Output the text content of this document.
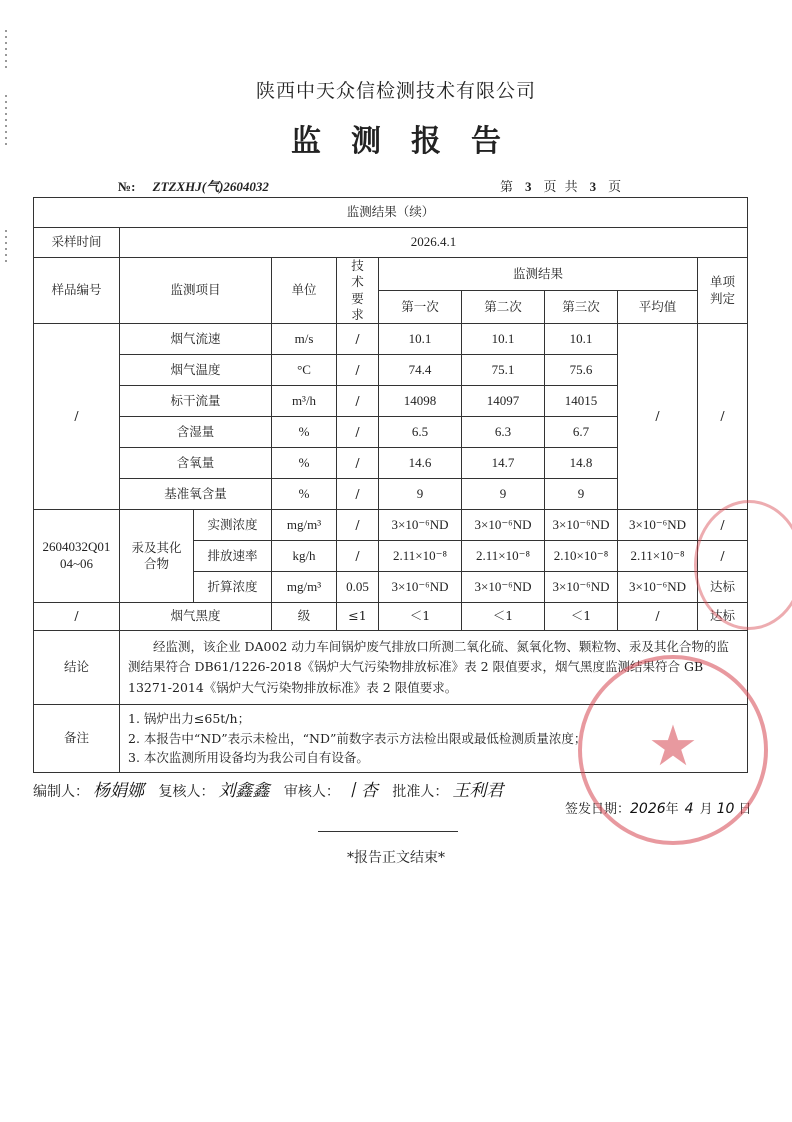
陕西中天众信检测技术有限公司
监测报告
№: ZTZXHJ(气)2604032	第 3 页 共 3 页
监测结果（续）									
采样时间	2026.4.1								
样品编号	监测项目		单位	技术要求	监测结果				单项判定

					第一次	第二次	第三次	平均值	
/	烟气流速		m/s	/	10.1	10.1	10.1	/	/
	烟气温度		°C	/	74.4	75.1	75.6		
	标干流量		m³/h	/	14098	14097	14015		
	含湿量		%	/	6.5	6.3	6.7		
	含氧量		%	/	14.6	14.7	14.8		
	基准氧含量		%	/	9	9	9		

2604032Q01 04~06	汞及其化合物	实测浓度	mg/m³	/	3×10⁻⁶ND	3×10⁻⁶ND	3×10⁻⁶ND	3×10⁻⁶ND	/
		排放速率	kg/h	/	2.11×10⁻⁸	2.11×10⁻⁸	2.10×10⁻⁸	2.11×10⁻⁸	/
		折算浓度	mg/m³	0.05	3×10⁻⁶ND	3×10⁻⁶ND	3×10⁻⁶ND	3×10⁻⁶ND	达标
/	烟气黑度		级	≤1	＜1	＜1	＜1	/	达标
结论	经监测，该企业 DA002 动力车间锅炉废气排放口所测二氧化硫、氮氧化物、颗粒物、汞及其化合物的监测结果符合 DB61/1226-2018《锅炉大气污染物排放标准》表 2 限值要求，烟气黑度监测结果符合 GB 13271-2014《锅炉大气污染物排放标准》表 2 限值要求。								
备注	1. 锅炉出力≤65t/h；
2. 本报告中“ND”表示未检出，“ND”前数字表示方法检出限或最低检测质量浓度；
3. 本次监测所用设备均为我公司自有设备。								
编制人： 杨娟娜 复核人： 刘鑫鑫 审核人： 丨杏 批准人： 王利君
签发日期：2026年 4 月 10 日
*报告正文结束*
★
